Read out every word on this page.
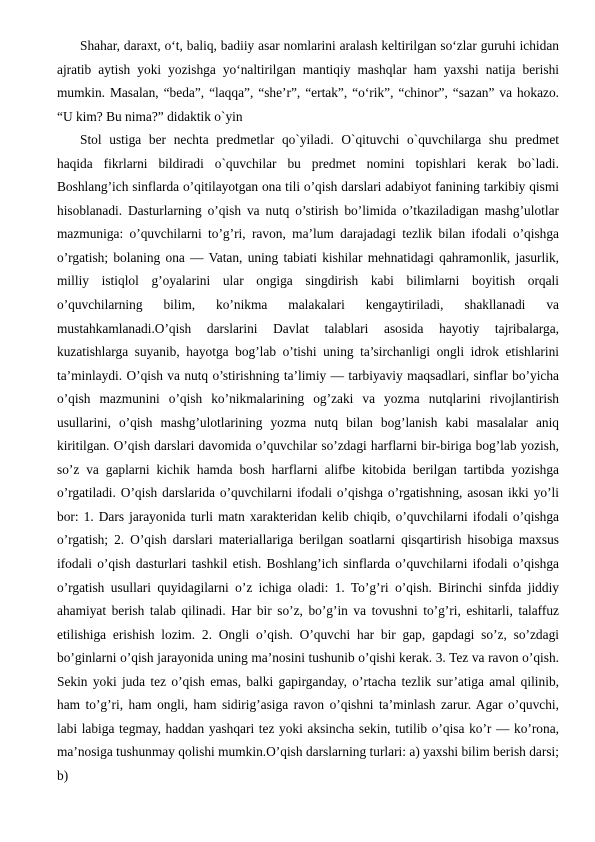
Shahar, daraxt, o‘t, baliq, badiiy asar nomlarini aralash keltirilgan so‘zlar guruhi ichidan ajratib aytish yoki yozishga yo‘naltirilgan mantiqiy mashqlar ham yaxshi natija berishi mumkin. Masalan, “beda”, “laqqa”, “she’r”, “ertak”, “o‘rik”, “chinor”, “sazan” va hokazo. “U kim? Bu nima?” didaktik o`yin

Stol ustiga ber nechta predmetlar qo`yiladi. O`qituvchi o`quvchilarga shu predmet haqida fikrlarni bildiradi o`quvchilar bu predmet nomini topishlari kerak bo`ladi. Boshlang’ich sinflarda o’qitilayotgan ona tili o’qish darslari adabiyot fanining tarkibiy qismi hisoblanadi. Dasturlarning o’qish va nutq o’stirish bo’limida o’tkaziladigan mashg’ulotlar mazmuniga: o’quvchilarni to’g’ri, ravon, ma’lum darajadagi tezlik bilan ifodali o’qishga o’rgatish; bolaning ona — Vatan, uning tabiati kishilar mehnatidagi qahramonlik, jasurlik, milliy istiqlol g’oyalarini ular ongiga singdirish kabi bilimlarni boyitish orqali o’quvchilarning bilim, ko’nikma malakalari kengaytiriladi, shakllanadi va mustahkamlanadi.O’qish darslarini Davlat talablari asosida hayotiy tajribalarga, kuzatishlarga suyanib, hayotga bog’lab o’tishi uning ta’sirchanligi ongli idrok etishlarini ta’minlaydi. O’qish va nutq o’stirishning ta’limiy — tarbiyaviy maqsadlari, sinflar bo’yicha o’qish mazmunini o’qish ko’nikmalarining og’zaki va yozma nutqlarini rivojlantirish usullarini, o’qish mashg’ulotlarining yozma nutq bilan bog’lanish kabi masalalar aniq kiritilgan. O’qish darslari davomida o’quvchilar so’zdagi harflarni bir-biriga bog’lab yozish, so’z va gaplarni kichik hamda bosh harflarni alifbe kitobida berilgan tartibda yozishga o’rgatiladi. O’qish darslarida o’quvchilarni ifodali o’qishga o’rgatishning, asosan ikki yo’li bor: 1. Dars jarayonida turli matn xarakteridan kelib chiqib, o’quvchilarni ifodali o’qishga o’rgatish; 2. O’qish darslari materiallariga berilgan soatlarni qisqartirish hisobiga maxsus ifodali o’qish dasturlari tashkil etish. Boshlang’ich sinflarda o’quvchilarni ifodali o’qishga o’rgatish usullari quyidagilarni o’z ichiga oladi: 1. To’g’ri o’qish. Birinchi sinfda jiddiy ahamiyat berish talab qilinadi. Har bir so’z, bo’g’in va tovushni to’g’ri, eshitarli, talaffuz etilishiga erishish lozim. 2. Ongli o’qish. O’quvchi har bir gap, gapdagi so’z, so’zdagi bo’ginlarni o’qish jarayonida uning ma’nosini tushunib o’qishi kerak. 3. Tez va ravon o’qish. Sekin yoki juda tez o’qish emas, balki gapirganday, o’rtacha tezlik sur’atiga amal qilinib, ham to’g’ri, ham ongli, ham sidirig’asiga ravon o’qishni ta’minlash zarur. Agar o’quvchi, labi labiga tegmay, haddan yashqari tez yoki aksincha sekin, tutilib o’qisa ko’r — ko’rona, ma’nosiga tushunmay qolishi mumkin.O’qish darslarning turlari: a) yaxshi bilim berish darsi; b)
